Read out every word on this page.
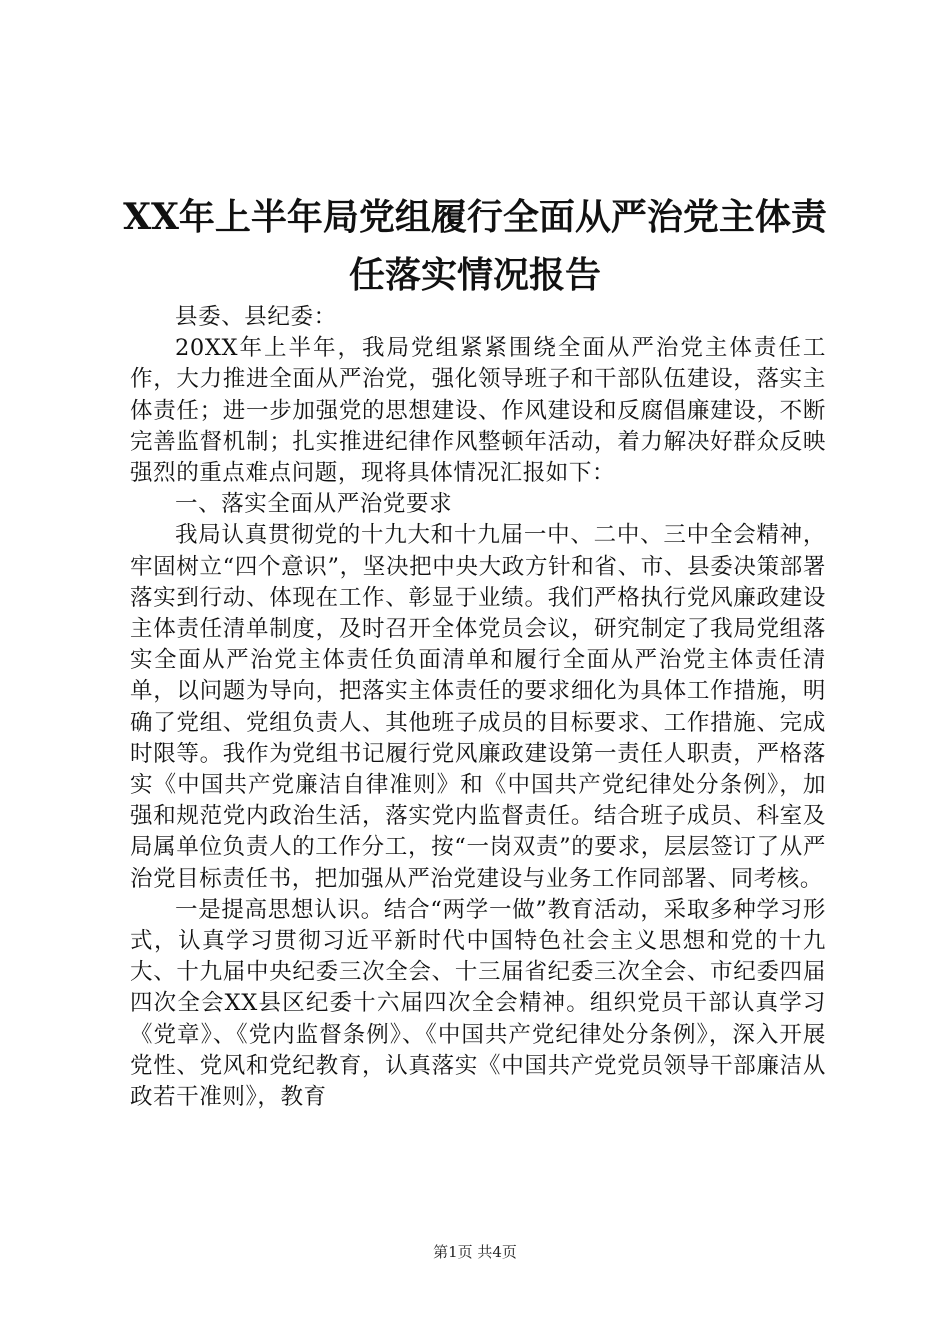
XX年上半年局党组履行全面从严治党主体责
任落实情况报告

县委、县纪委：

20XX年上半年，我局党组紧紧围绕全面从严治党主体责任工作，大力推进全面从严治党，强化领导班子和干部队伍建设，落实主体责任；进一步加强党的思想建设、作风建设和反腐倡廉建设，不断完善监督机制；扎实推进纪律作风整顿年活动，着力解决好群众反映强烈的重点难点问题，现将具体情况汇报如下：

一、落实全面从严治党要求

我局认真贯彻党的十九大和十九届一中、二中、三中全会精神，牢固树立“四个意识”，坚决把中央大政方针和省、市、县委决策部署落实到行动、体现在工作、彰显于业绩。我们严格执行党风廉政建设主体责任清单制度，及时召开全体党员会议，研究制定了我局党组落实全面从严治党主体责任负面清单和履行全面从严治党主体责任清单，以问题为导向，把落实主体责任的要求细化为具体工作措施，明确了党组、党组负责人、其他班子成员的目标要求、工作措施、完成时限等。我作为党组书记履行党风廉政建设第一责任人职责，严格落实《中国共产党廉洁自律准则》和《中国共产党纪律处分条例》，加强和规范党内政治生活，落实党内监督责任。结合班子成员、科室及局属单位负责人的工作分工，按“一岗双责”的要求，层层签订了从严治党目标责任书，把加强从严治党建设与业务工作同部署、同考核。

一是提高思想认识。结合“两学一做”教育活动，采取多种学习形式，认真学习贯彻习近平新时代中国特色社会主义思想和党的十九大、十九届中央纪委三次全会、十三届省纪委三次全会、市纪委四届四次全会XX县区纪委十六届四次全会精神。组织党员干部认真学习《党章》、《党内监督条例》、《中国共产党纪律处分条例》，深入开展党性、党风和党纪教育，认真落实《中国共产党党员领导干部廉洁从政若干准则》，教育

第1页 共4页
